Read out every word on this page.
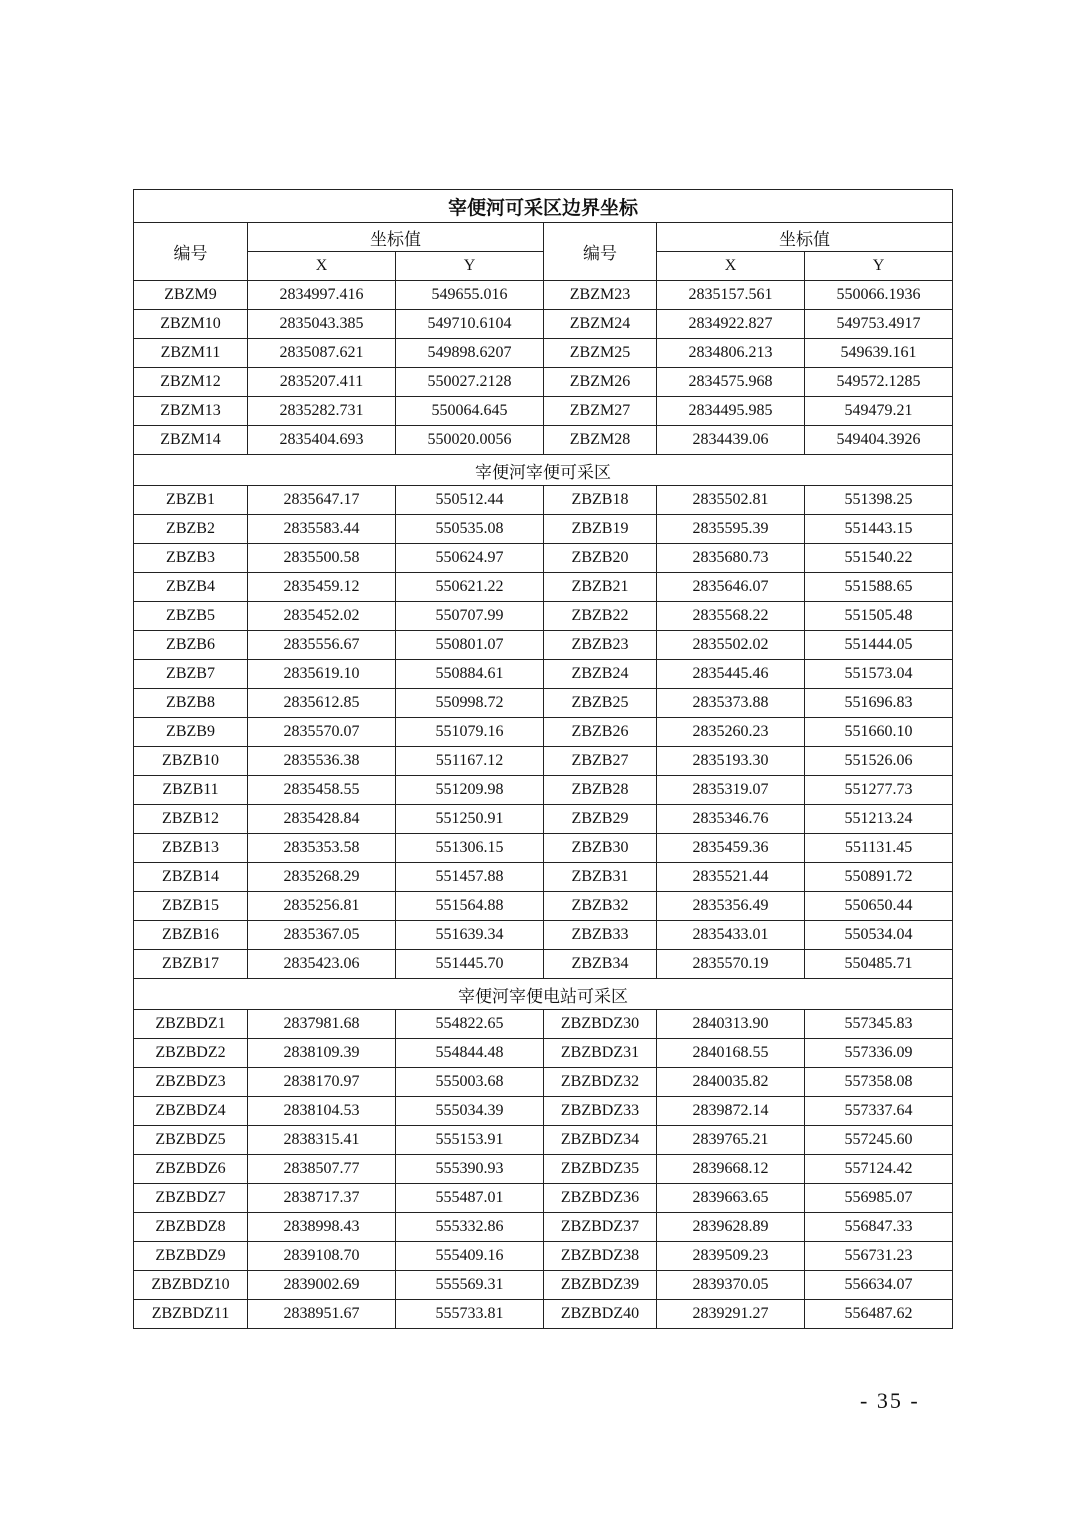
宰便河可采区边界坐标					
编号	坐标值		编号	坐标值	
	X	Y		X	Y
ZBZM9	2834997.416	549655.016	ZBZM23	2835157.561	550066.1936
ZBZM10	2835043.385	549710.6104	ZBZM24	2834922.827	549753.4917
ZBZM11	2835087.621	549898.6207	ZBZM25	2834806.213	549639.161
ZBZM12	2835207.411	550027.2128	ZBZM26	2834575.968	549572.1285
ZBZM13	2835282.731	550064.645	ZBZM27	2834495.985	549479.21
ZBZM14	2835404.693	550020.0056	ZBZM28	2834439.06	549404.3926
宰便河宰便可采区					
ZBZB1	2835647.17	550512.44	ZBZB18	2835502.81	551398.25
ZBZB2	2835583.44	550535.08	ZBZB19	2835595.39	551443.15
ZBZB3	2835500.58	550624.97	ZBZB20	2835680.73	551540.22
ZBZB4	2835459.12	550621.22	ZBZB21	2835646.07	551588.65
ZBZB5	2835452.02	550707.99	ZBZB22	2835568.22	551505.48
ZBZB6	2835556.67	550801.07	ZBZB23	2835502.02	551444.05
ZBZB7	2835619.10	550884.61	ZBZB24	2835445.46	551573.04
ZBZB8	2835612.85	550998.72	ZBZB25	2835373.88	551696.83
ZBZB9	2835570.07	551079.16	ZBZB26	2835260.23	551660.10
ZBZB10	2835536.38	551167.12	ZBZB27	2835193.30	551526.06
ZBZB11	2835458.55	551209.98	ZBZB28	2835319.07	551277.73
ZBZB12	2835428.84	551250.91	ZBZB29	2835346.76	551213.24
ZBZB13	2835353.58	551306.15	ZBZB30	2835459.36	551131.45
ZBZB14	2835268.29	551457.88	ZBZB31	2835521.44	550891.72
ZBZB15	2835256.81	551564.88	ZBZB32	2835356.49	550650.44
ZBZB16	2835367.05	551639.34	ZBZB33	2835433.01	550534.04
ZBZB17	2835423.06	551445.70	ZBZB34	2835570.19	550485.71
宰便河宰便电站可采区					
ZBZBDZ1	2837981.68	554822.65	ZBZBDZ30	2840313.90	557345.83
ZBZBDZ2	2838109.39	554844.48	ZBZBDZ31	2840168.55	557336.09
ZBZBDZ3	2838170.97	555003.68	ZBZBDZ32	2840035.82	557358.08
ZBZBDZ4	2838104.53	555034.39	ZBZBDZ33	2839872.14	557337.64
ZBZBDZ5	2838315.41	555153.91	ZBZBDZ34	2839765.21	557245.60
ZBZBDZ6	2838507.77	555390.93	ZBZBDZ35	2839668.12	557124.42
ZBZBDZ7	2838717.37	555487.01	ZBZBDZ36	2839663.65	556985.07
ZBZBDZ8	2838998.43	555332.86	ZBZBDZ37	2839628.89	556847.33
ZBZBDZ9	2839108.70	555409.16	ZBZBDZ38	2839509.23	556731.23
ZBZBDZ10	2839002.69	555569.31	ZBZBDZ39	2839370.05	556634.07
ZBZBDZ11	2838951.67	555733.81	ZBZBDZ40	2839291.27	556487.62
- 35 -
